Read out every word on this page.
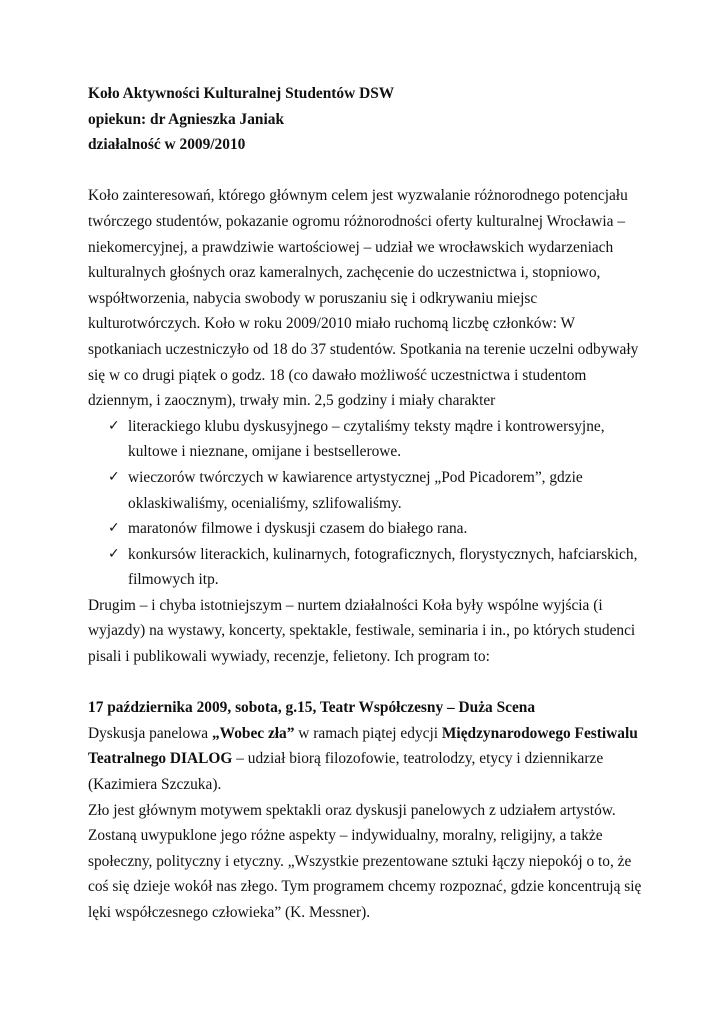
Koło Aktywności Kulturalnej Studentów DSW

opiekun: dr Agnieszka Janiak

działalność w 2009/2010

Koło zainteresowań, którego głównym celem jest wyzwalanie różnorodnego potencjału twórczego studentów, pokazanie ogromu różnorodności oferty kulturalnej Wrocławia – niekomercyjnej, a prawdziwie wartościowej – udział we wrocławskich wydarzeniach kulturalnych głośnych oraz kameralnych, zachęcenie do uczestnictwa i, stopniowo, współtworzenia, nabycia swobody w poruszaniu się i odkrywaniu miejsc kulturotwórczych. Koło w roku 2009/2010 miało ruchomą liczbę członków: W spotkaniach uczestniczyło od 18 do 37 studentów. Spotkania na terenie uczelni odbywały się w co drugi piątek o godz. 18 (co dawało możliwość uczestnictwa i studentom dziennym, i zaocznym), trwały min. 2,5 godziny i miały charakter

✓ literackiego klubu dyskusyjnego – czytaliśmy teksty mądre i kontrowersyjne, kultowe i nieznane, omijane i bestsellerowe.
✓ wieczorów twórczych w kawiarence artystycznej „Pod Picadorem”, gdzie oklaskiwaliśmy, ocenialiśmy, szlifowaliśmy.
✓ maratonów filmowe i dyskusji czasem do białego rana.
✓ konkursów literackich, kulinarnych, fotograficznych, florystycznych, hafciarskich, filmowych itp.

Drugim – i chyba istotniejszym – nurtem działalności Koła były wspólne wyjścia (i wyjazdy) na wystawy, koncerty, spektakle, festiwale, seminaria i in., po których studenci pisali i publikowali wywiady, recenzje, felietony. Ich program to:

17 października 2009, sobota, g.15, Teatr Współczesny – Duża Scena

Dyskusja panelowa „Wobec zła” w ramach piątej edycji Międzynarodowego Festiwalu Teatralnego DIALOG – udział biorą filozofowie, teatrolodzy, etycy i dziennikarze (Kazimiera Szczuka).

Zło jest głównym motywem spektakli oraz dyskusji panelowych z udziałem artystów. Zostaną uwypuklone jego różne aspekty – indywidualny, moralny, religijny, a także społeczny, polityczny i etyczny. „Wszystkie prezentowane sztuki łączy niepokój o to, że coś się dzieje wokół nas złego. Tym programem chcemy rozpoznać, gdzie koncentrują się lęki współczesnego człowieka” (K. Messner).
